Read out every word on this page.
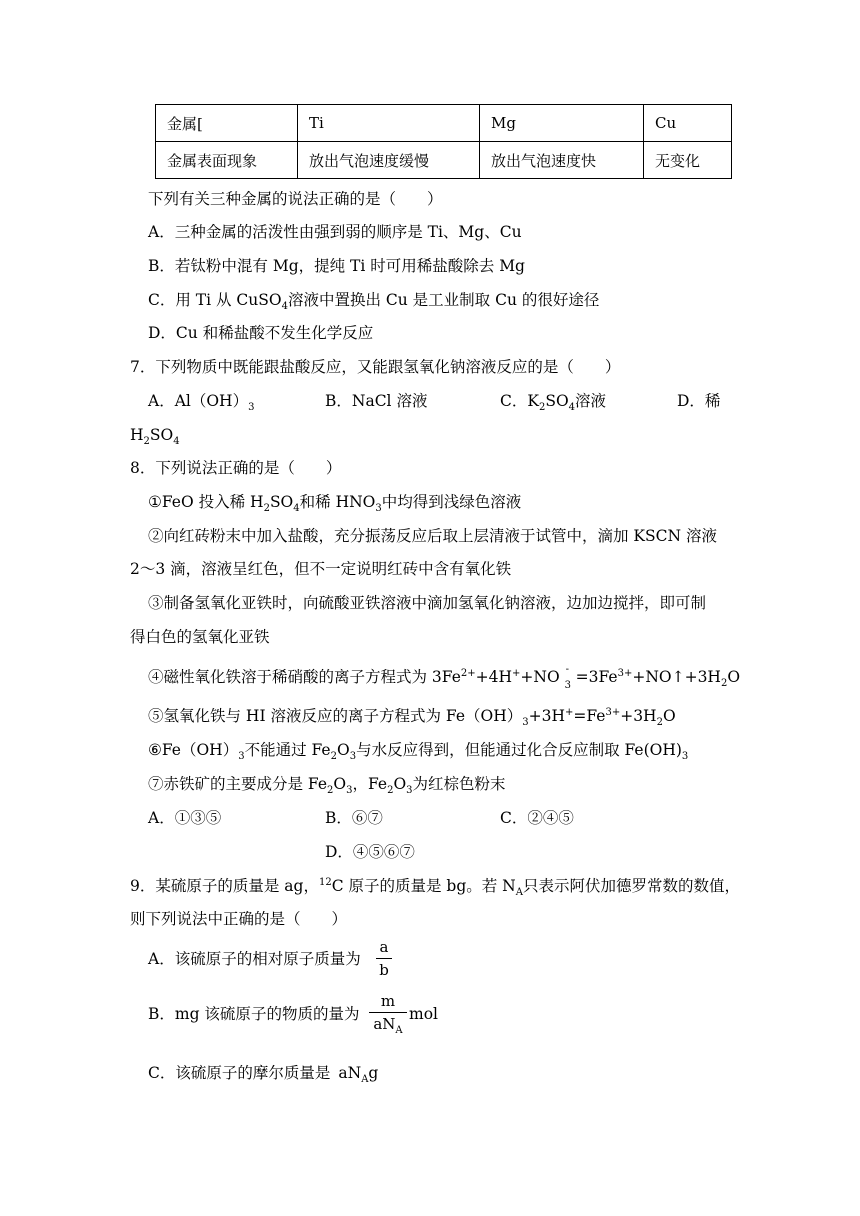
金属[	Ti	Mg	Cu
金属表面现象	放出气泡速度缓慢	放出气泡速度快	无变化
下列有关三种金属的说法正确的是（　　）
A．三种金属的活泼性由强到弱的顺序是 Ti、Mg、Cu
B．若钛粉中混有 Mg，提纯 Ti 时可用稀盐酸除去 Mg
C．用 Ti 从 CuSO$_4$溶液中置换出 Cu 是工业制取 Cu 的很好途径
D．Cu 和稀盐酸不发生化学反应
7．下列物质中既能跟盐酸反应，又能跟氢氧化钠溶液反应的是（　　）
A．$Al(OH)_3$	B．NaCl 溶液	C．$K_2SO_4$溶液	D．稀
$H_2SO_4$
8．下列说法正确的是（　　）
①FeO 投入稀 $H_2SO_4$和稀 $HNO_3$中均得到浅绿色溶液
②向红砖粉末中加入盐酸，充分振荡反应后取上层清液于试管中，滴加 KSCN 溶液
2～3 滴，溶液呈红色，但不一定说明红砖中含有氧化铁
③制备氢氧化亚铁时，向硫酸亚铁溶液中滴加氢氧化钠溶液，边加边搅拌，即可制
得白色的氢氧化亚铁
④磁性氧化铁溶于稀硝酸的离子方程式为 $3Fe^{2+}+4H^++NO$ -
$3 =3Fe^{3+}+NO↑+3H_2O$
⑤氢氧化铁与 HI 溶液反应的离子方程式为 $Fe(OH)_3+3H^+=Fe^{3+}+3H_2O$
$⑥Fe(OH)_3$不能通过 $Fe_2O_3$与水反应得到，但能通过化合反应制取 $Fe(OH)_3$
⑦赤铁矿的主要成分是 $Fe_2O_3$，$Fe_2O_3$为红棕色粉末
A．①③⑤	B．⑥⑦	C．②④⑤
D．④⑤⑥⑦
9．某硫原子的质量是 ag，$^{12}$C 原子的质量是 bg。若 $N_A$只表示阿伏加德罗常数的数值，
则下列说法中正确的是（　　）
A．该硫原子的相对原子质量为
a
b
B．mg 该硫原子的物质的量为
m
$aN_A$
mol
C．该硫原子的摩尔质量是 $aN_Ag$
